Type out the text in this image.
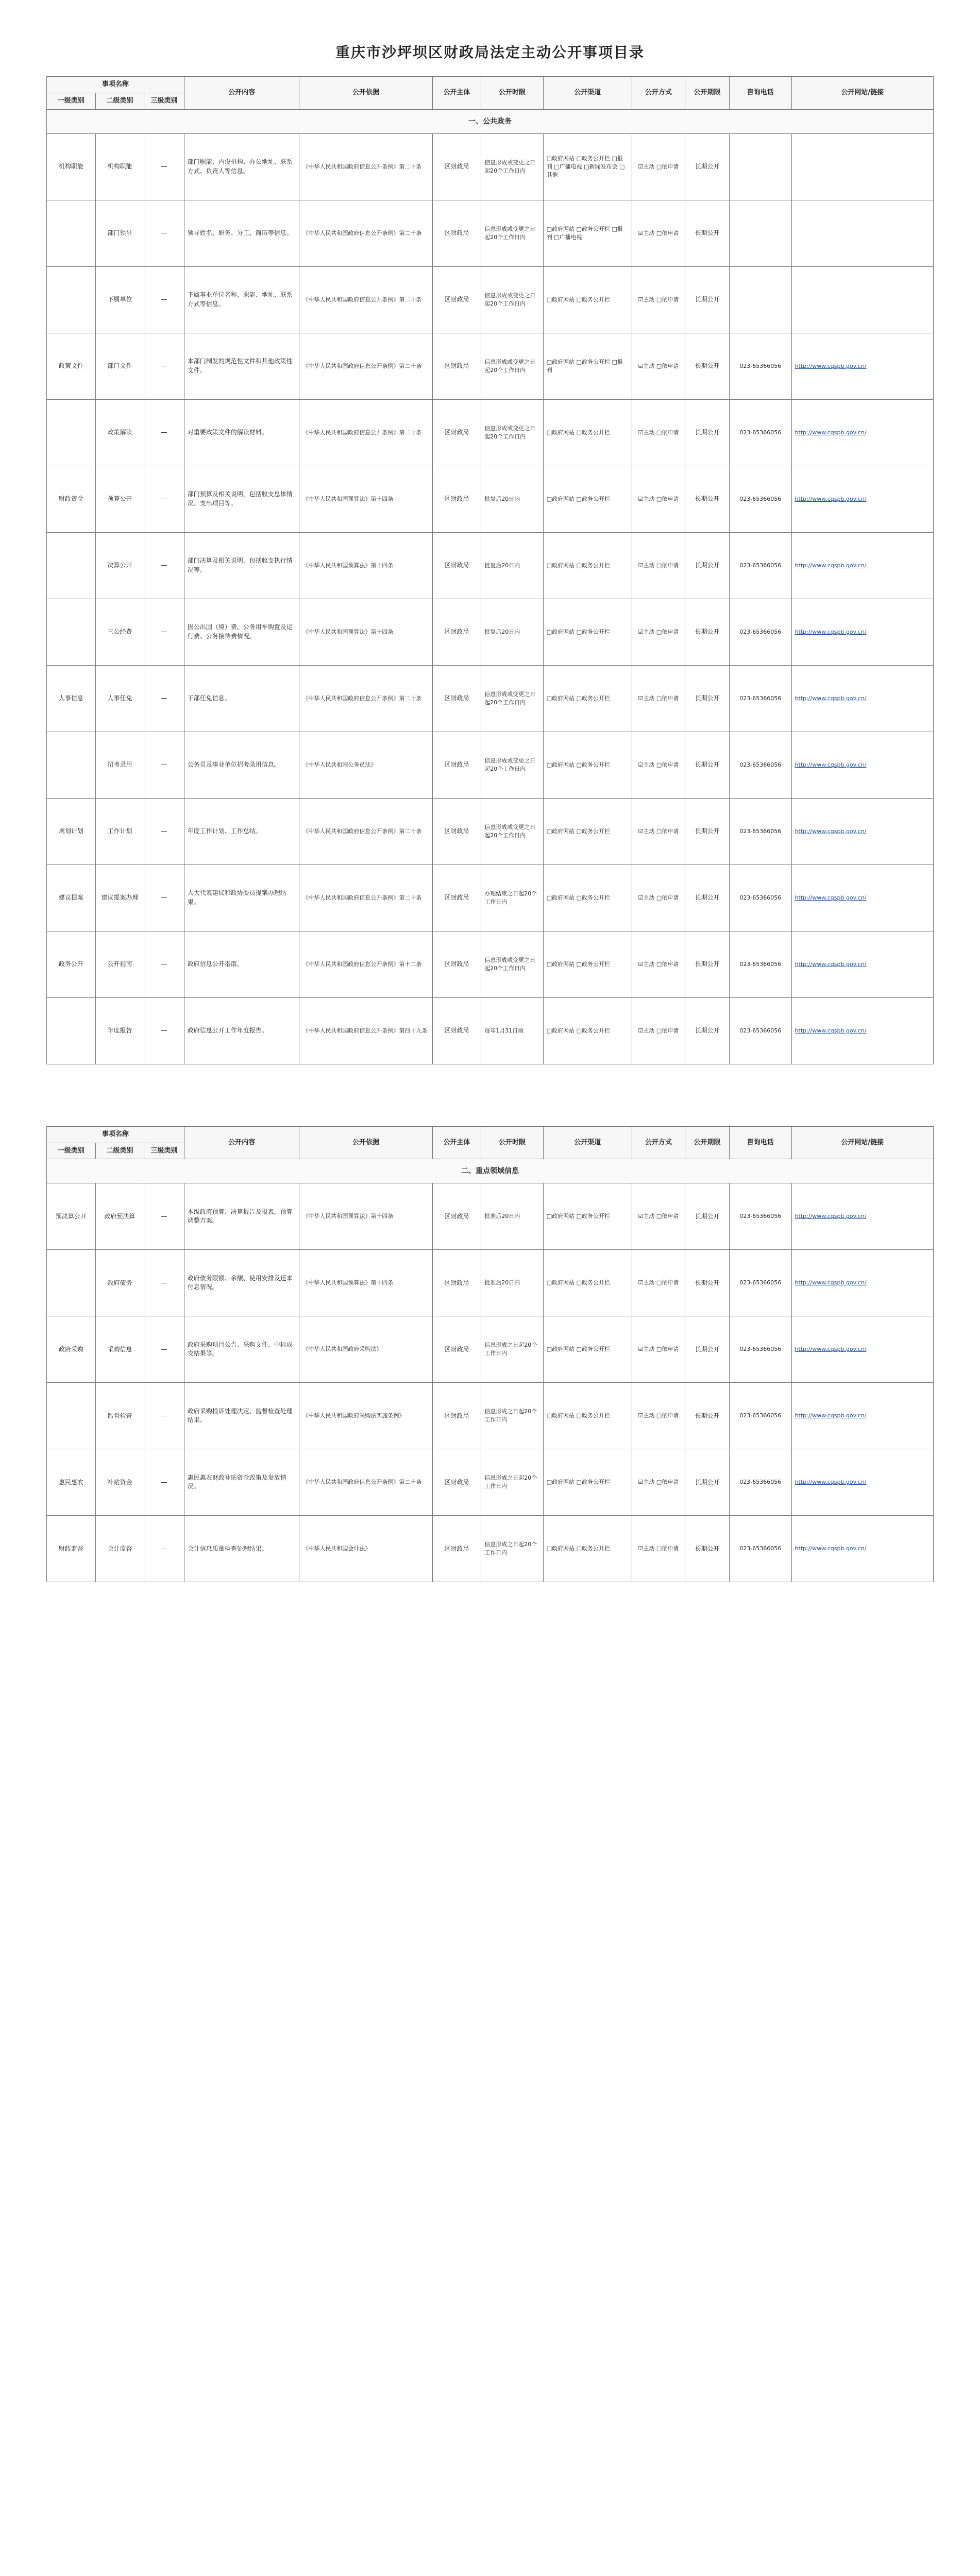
重庆市沙坪坝区财政局法定主动公开事项目录
事项名称			公开内容	公开依据	公开主体	公开时限	公开渠道	公开方式	公开期限	咨询电话	公开网站/链接
一级类别	二级类别	三级类别									
一、公共政务											
机构职能	机构职能	—	部门职能、内设机构、办公地址、联系方式、负责人等信息。	《中华人民共和国政府信息公开条例》第二十条	区财政局	信息形成或变更之日起20个工作日内	□政府网站 □政务公开栏 □报刊 □广播电视 □新闻发布会 □其他	☑主动 □依申请	长期公开		
	部门领导	—	领导姓名、职务、分工、简历等信息。	《中华人民共和国政府信息公开条例》第二十条	区财政局	信息形成或变更之日起20个工作日内	□政府网站 □政务公开栏 □报刊 □广播电视	☑主动 □依申请	长期公开		
	下属单位	—	下属事业单位名称、职能、地址、联系方式等信息。	《中华人民共和国政府信息公开条例》第二十条	区财政局	信息形成或变更之日起20个工作日内	□政府网站 □政务公开栏	☑主动 □依申请	长期公开		
政策文件	部门文件	—	本部门制发的规范性文件和其他政策性文件。	《中华人民共和国政府信息公开条例》第二十条	区财政局	信息形成或变更之日起20个工作日内	□政府网站 □政务公开栏 □报刊	☑主动 □依申请	长期公开	023-65366056	http://www.cqspb.gov.cn/
	政策解读	—	对重要政策文件的解读材料。	《中华人民共和国政府信息公开条例》第二十条	区财政局	信息形成或变更之日起20个工作日内	□政府网站 □政务公开栏	☑主动 □依申请	长期公开	023-65366056	http://www.cqspb.gov.cn/
财政资金	预算公开	—	部门预算及相关说明，包括收支总体情况、支出项目等。	《中华人民共和国预算法》第十四条	区财政局	批复后20日内	□政府网站 □政务公开栏	☑主动 □依申请	长期公开	023-65366056	http://www.cqspb.gov.cn/
	决算公开	—	部门决算及相关说明，包括收支执行情况等。	《中华人民共和国预算法》第十四条	区财政局	批复后20日内	□政府网站 □政务公开栏	☑主动 □依申请	长期公开	023-65366056	http://www.cqspb.gov.cn/
	三公经费	—	因公出国（境）费、公务用车购置及运行费、公务接待费情况。	《中华人民共和国预算法》第十四条	区财政局	批复后20日内	□政府网站 □政务公开栏	☑主动 □依申请	长期公开	023-65366056	http://www.cqspb.gov.cn/
人事信息	人事任免	—	干部任免信息。	《中华人民共和国政府信息公开条例》第二十条	区财政局	信息形成或变更之日起20个工作日内	□政府网站 □政务公开栏	☑主动 □依申请	长期公开	023-65366056	http://www.cqspb.gov.cn/
	招考录用	—	公务员及事业单位招考录用信息。	《中华人民共和国公务员法》	区财政局	信息形成或变更之日起20个工作日内	□政府网站 □政务公开栏	☑主动 □依申请	长期公开	023-65366056	http://www.cqspb.gov.cn/
规划计划	工作计划	—	年度工作计划、工作总结。	《中华人民共和国政府信息公开条例》第二十条	区财政局	信息形成或变更之日起20个工作日内	□政府网站 □政务公开栏	☑主动 □依申请	长期公开	023-65366056	http://www.cqspb.gov.cn/
建议提案	建议提案办理	—	人大代表建议和政协委员提案办理结果。	《中华人民共和国政府信息公开条例》第二十条	区财政局	办理结束之日起20个工作日内	□政府网站 □政务公开栏	☑主动 □依申请	长期公开	023-65366056	http://www.cqspb.gov.cn/
政务公开	公开指南	—	政府信息公开指南。	《中华人民共和国政府信息公开条例》第十二条	区财政局	信息形成或变更之日起20个工作日内	□政府网站 □政务公开栏	☑主动 □依申请	长期公开	023-65366056	http://www.cqspb.gov.cn/
	年度报告	—	政府信息公开工作年度报告。	《中华人民共和国政府信息公开条例》第四十九条	区财政局	每年1月31日前	□政府网站 □政务公开栏	☑主动 □依申请	长期公开	023-65366056	http://www.cqspb.gov.cn/
事项名称			公开内容	公开依据	公开主体	公开时限	公开渠道	公开方式	公开期限	咨询电话	公开网站/链接
一级类别	二级类别	三级类别									
二、重点领域信息											
预决算公开	政府预决算	—	本级政府预算、决算报告及报表，预算调整方案。	《中华人民共和国预算法》第十四条	区财政局	批准后20日内	□政府网站 □政务公开栏	☑主动 □依申请	长期公开	023-65366056	http://www.cqspb.gov.cn/
	政府债务	—	政府债务限额、余额、使用安排及还本付息情况。	《中华人民共和国预算法》第十四条	区财政局	批准后20日内	□政府网站 □政务公开栏	☑主动 □依申请	长期公开	023-65366056	http://www.cqspb.gov.cn/
政府采购	采购信息	—	政府采购项目公告、采购文件、中标成交结果等。	《中华人民共和国政府采购法》	区财政局	信息形成之日起20个工作日内	□政府网站 □政务公开栏	☑主动 □依申请	长期公开	023-65366056	http://www.cqspb.gov.cn/
	监督检查	—	政府采购投诉处理决定、监督检查处理结果。	《中华人民共和国政府采购法实施条例》	区财政局	信息形成之日起20个工作日内	□政府网站 □政务公开栏	☑主动 □依申请	长期公开	023-65366056	http://www.cqspb.gov.cn/
惠民惠农	补贴资金	—	惠民惠农财政补贴资金政策及发放情况。	《中华人民共和国政府信息公开条例》第二十条	区财政局	信息形成之日起20个工作日内	□政府网站 □政务公开栏	☑主动 □依申请	长期公开	023-65366056	http://www.cqspb.gov.cn/
财政监督	会计监督	—	会计信息质量检查处理结果。	《中华人民共和国会计法》	区财政局	信息形成之日起20个工作日内	□政府网站 □政务公开栏	☑主动 □依申请	长期公开	023-65366056	http://www.cqspb.gov.cn/
